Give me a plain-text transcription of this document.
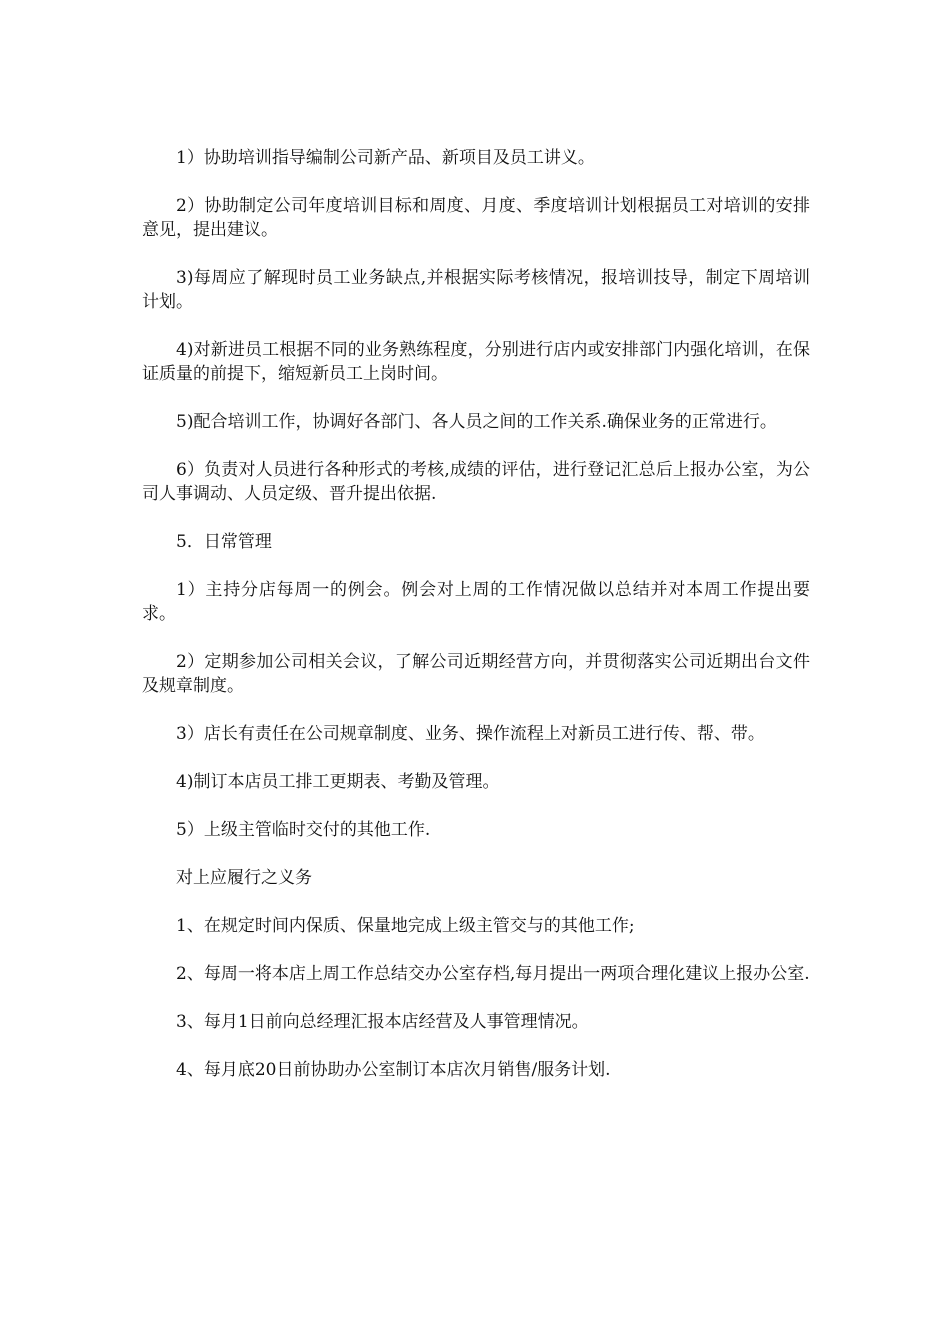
1）协助培训指导编制公司新产品、新项目及员工讲义。

2）协助制定公司年度培训目标和周度、月度、季度培训计划根据员工对培训的安排意见，提出建议。

3)每周应了解现时员工业务缺点,并根据实际考核情况，报培训技导，制定下周培训计划。

4)对新进员工根据不同的业务熟练程度，分别进行店内或安排部门内强化培训，在保证质量的前提下，缩短新员工上岗时间。

5)配合培训工作，协调好各部门、各人员之间的工作关系.确保业务的正常进行。

6）负责对人员进行各种形式的考核,成绩的评估，进行登记汇总后上报办公室，为公司人事调动、人员定级、晋升提出依据.

5．日常管理

1）主持分店每周一的例会。例会对上周的工作情况做以总结并对本周工作提出要求。

2）定期参加公司相关会议，了解公司近期经营方向，并贯彻落实公司近期出台文件及规章制度。

3）店长有责任在公司规章制度、业务、操作流程上对新员工进行传、帮、带。

4)制订本店员工排工更期表、考勤及管理。

5）上级主管临时交付的其他工作.

对上应履行之义务

1、在规定时间内保质、保量地完成上级主管交与的其他工作;

2、每周一将本店上周工作总结交办公室存档,每月提出一两项合理化建议上报办公室.

3、每月1日前向总经理汇报本店经营及人事管理情况。

4、每月底20日前协助办公室制订本店次月销售/服务计划.
